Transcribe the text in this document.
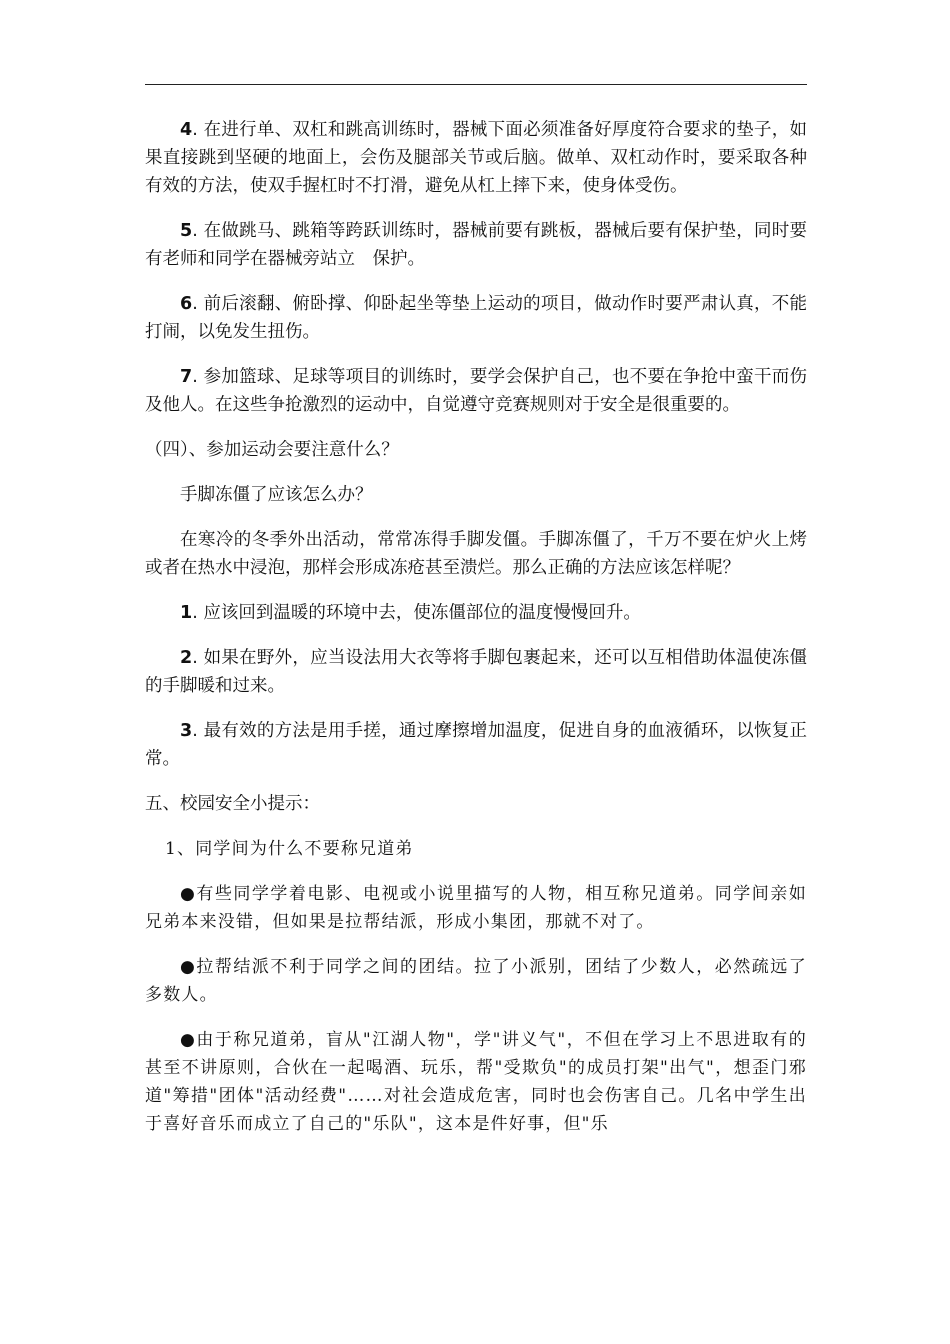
4. 在进行单、双杠和跳高训练时，器械下面必须准备好厚度符合要求的垫子，如果直接跳到坚硬的地面上，会伤及腿部关节或后脑。做单、双杠动作时，要采取各种有效的方法，使双手握杠时不打滑，避免从杠上摔下来，使身体受伤。

5. 在做跳马、跳箱等跨跃训练时，器械前要有跳板，器械后要有保护垫，同时要有老师和同学在器械旁站立　保护。

6. 前后滚翻、俯卧撑、仰卧起坐等垫上运动的项目，做动作时要严肃认真，不能打闹，以免发生扭伤。

7. 参加篮球、足球等项目的训练时，要学会保护自己，也不要在争抢中蛮干而伤及他人。在这些争抢激烈的运动中，自觉遵守竞赛规则对于安全是很重要的。

（四）、参加运动会要注意什么？

手脚冻僵了应该怎么办？

在寒冷的冬季外出活动，常常冻得手脚发僵。手脚冻僵了，千万不要在炉火上烤或者在热水中浸泡，那样会形成冻疮甚至溃烂。那么正确的方法应该怎样呢？

1. 应该回到温暖的环境中去，使冻僵部位的温度慢慢回升。

2. 如果在野外，应当设法用大衣等将手脚包裹起来，还可以互相借助体温使冻僵的手脚暖和过来。

3. 最有效的方法是用手搓，通过摩擦增加温度，促进自身的血液循环，以恢复正常。

五、校园安全小提示：

1、同学间为什么不要称兄道弟

●有些同学学着电影、电视或小说里描写的人物，相互称兄道弟。同学间亲如兄弟本来没错，但如果是拉帮结派，形成小集团，那就不对了。

●拉帮结派不利于同学之间的团结。拉了小派别，团结了少数人，必然疏远了多数人。

●由于称兄道弟，盲从"江湖人物"，学"讲义气"，不但在学习上不思进取有的甚至不讲原则，合伙在一起喝酒、玩乐，帮"受欺负"的成员打架"出气"，想歪门邪道"筹措"团体"活动经费"……对社会造成危害，同时也会伤害自己。几名中学生出于喜好音乐而成立了自己的"乐队"，这本是件好事，但"乐
